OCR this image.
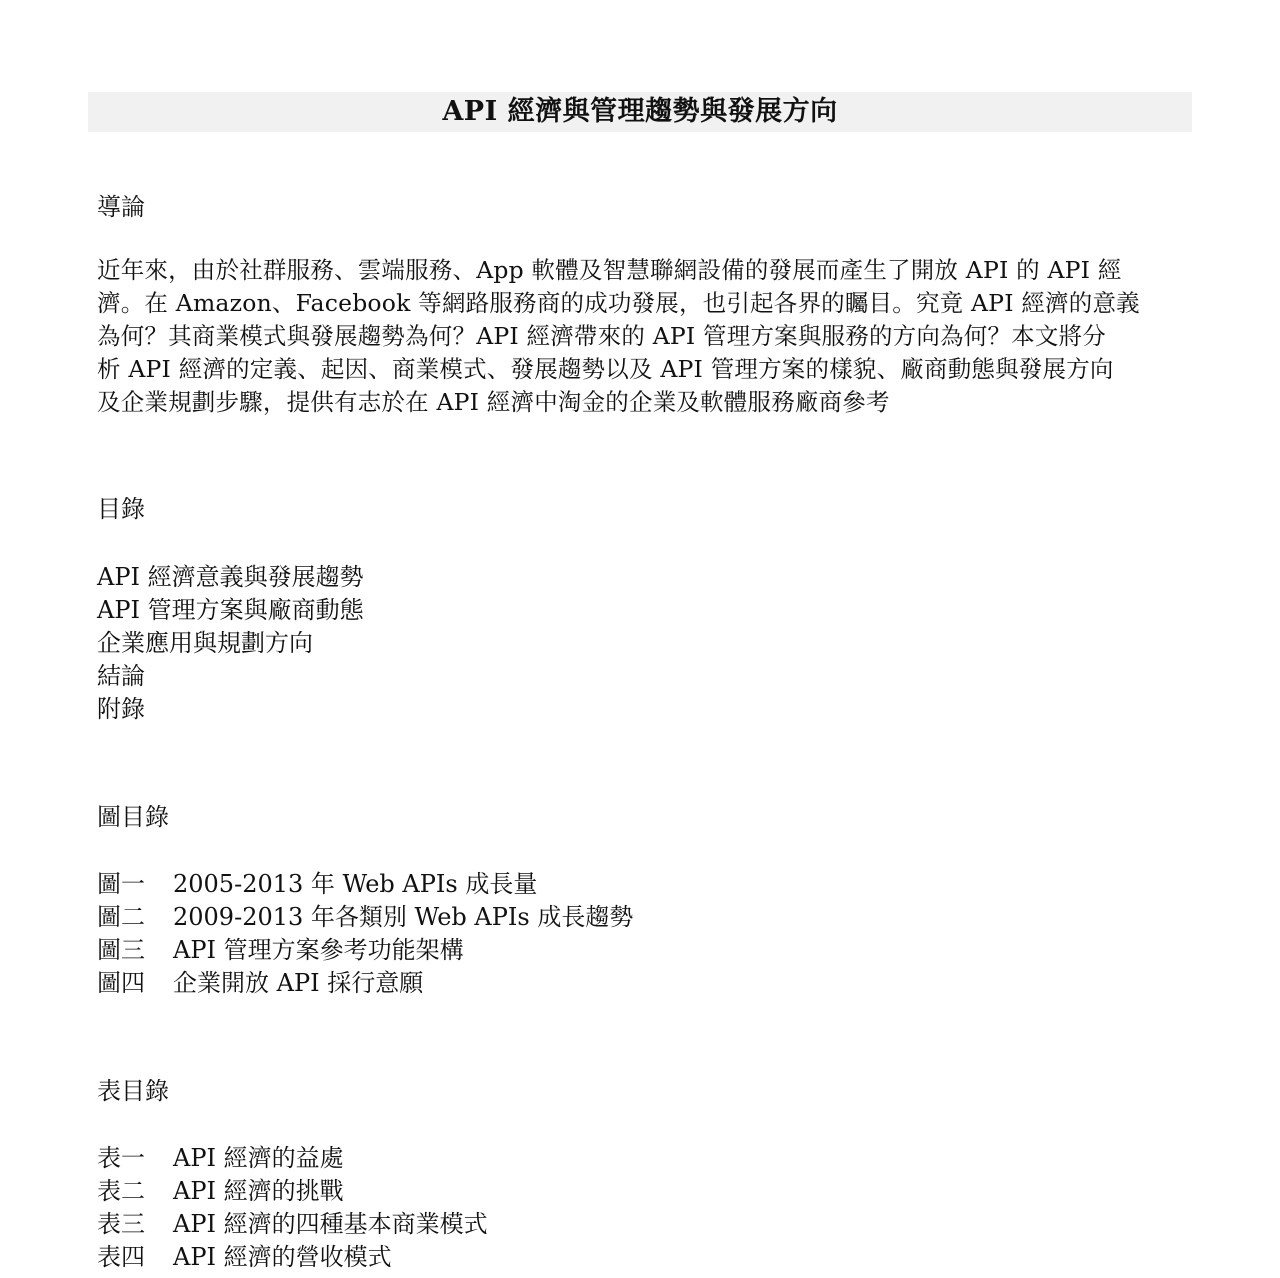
API 經濟與管理趨勢與發展方向
導論
近年來，由於社群服務、雲端服務、App 軟體及智慧聯網設備的發展而產生了開放 API 的 API 經
濟。在 Amazon、Facebook 等網路服務商的成功發展，也引起各界的矚目。究竟 API 經濟的意義
為何？其商業模式與發展趨勢為何？API 經濟帶來的 API 管理方案與服務的方向為何？本文將分
析 API 經濟的定義、起因、商業模式、發展趨勢以及 API 管理方案的樣貌、廠商動態與發展方向
及企業規劃步驟，提供有志於在 API 經濟中淘金的企業及軟體服務廠商參考
目錄
API 經濟意義與發展趨勢
API 管理方案與廠商動態
企業應用與規劃方向
結論
附錄
圖目錄
圖一 2005-2013 年 Web APIs 成長量
圖二 2009-2013 年各類別 Web APIs 成長趨勢
圖三 API 管理方案參考功能架構
圖四 企業開放 API 採行意願
表目錄
表一 API 經濟的益處
表二 API 經濟的挑戰
表三 API 經濟的四種基本商業模式
表四 API 經濟的營收模式
